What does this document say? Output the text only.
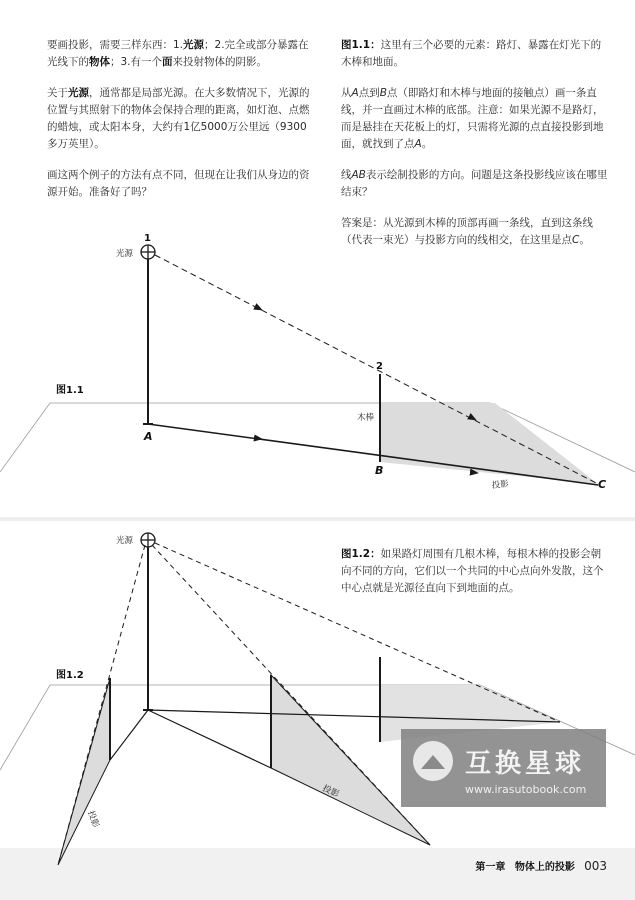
要画投影，需要三样东西：1.光源；2.完全或部分暴露在光线下的物体；3.有一个面来投射物体的阴影。

关于光源，通常都是局部光源。在大多数情况下，光源的位置与其照射下的物体会保持合理的距离，如灯泡、点燃的蜡烛，或太阳本身，大约有1亿5000万公里远（9300多万英里）。

画这两个例子的方法有点不同，但现在让我们从身边的资源开始。准备好了吗？

图1.1：这里有三个必要的元素：路灯、暴露在灯光下的木棒和地面。

从A点到B点（即路灯和木棒与地面的接触点）画一条直线，并一直画过木棒的底部。注意：如果光源不是路灯，而是悬挂在天花板上的灯，只需将光源的点直接投影到地面，就找到了点A。

线AB表示绘制投影的方向。问题是这条投影线应该在哪里结束？

答案是：从光源到木棒的顶部再画一条线，直到这条线（代表一束光）与投影方向的线相交，在这里是点C。

图1.2：如果路灯周围有几根木棒，每根木棒的投影会朝向不同的方向，它们以一个共同的中心点向外发散，这个中心点就是光源径直向下到地面的点。
图1.1
光源
1
2
木棒
A
B
C
投影
图1.2
光源
投影
投影
互换星球
www.irasutobook.com
第一章 物体上的投影 003
